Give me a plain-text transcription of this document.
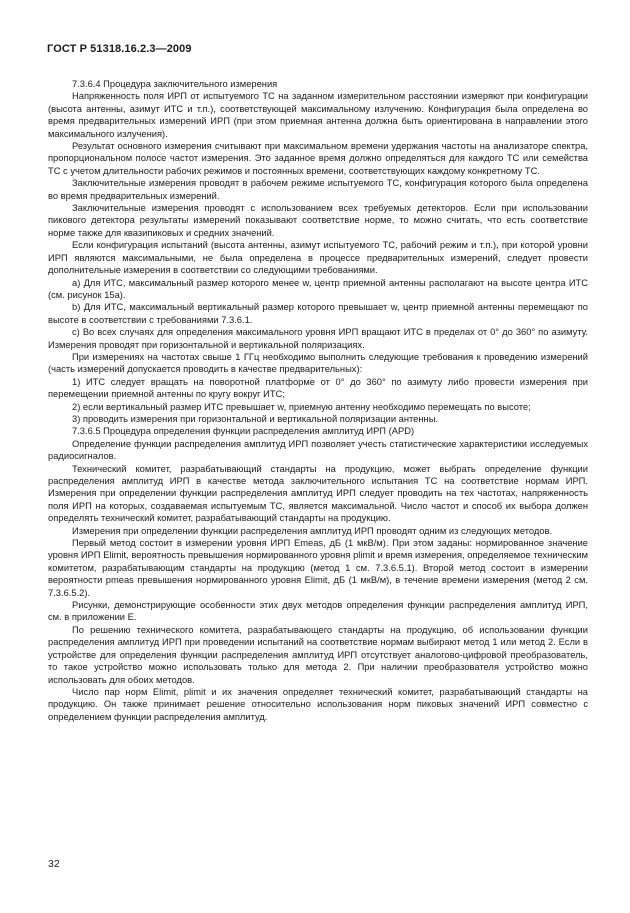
ГОСТ Р 51318.16.2.3—2009

7.3.6.4 Процедура заключительного измерения

Напряженность поля ИРП от испытуемого ТС на заданном измерительном расстоянии измеряют при конфигурации (высота антенны, азимут ИТС и т.п.), соответствующей максимальному излучению. Конфигурация была определена во время предварительных измерений ИРП (при этом приемная антенна должна быть ориентирована в направлении этого максимального излучения).

Результат основного измерения считывают при максимальном времени удержания частоты на анализаторе спектра, пропорциональном полосе частот измерения. Это заданное время должно определяться для каждого ТС или семейства ТС с учетом длительности рабочих режимов и постоянных времени, соответствующих каждому конкретному ТС.

Заключительные измерения проводят в рабочем режиме испытуемого ТС, конфигурация которого была определена во время предварительных измерений.

Заключительные измерения проводят с использованием всех требуемых детекторов. Если при использовании пикового детектора результаты измерений показывают соответствие норме, то можно считать, что есть соответствие норме также для квазипиковых и средних значений.

Если конфигурация испытаний (высота антенны, азимут испытуемого ТС, рабочий режим и т.п.), при которой уровни ИРП являются максимальными, не была определена в процессе предварительных измерений, следует провести дополнительные измерения в соответствии со следующими требованиями.

а) Для ИТС, максимальный размер которого менее w, центр приемной антенны располагают на высоте центра ИТС (см. рисунок 15а).

b) Для ИТС, максимальный вертикальный размер которого превышает w, центр приемной антенны перемещают по высоте в соответствии с требованиями 7.3.6.1.

с) Во всех случаях для определения максимального уровня ИРП вращают ИТС в пределах от 0° до 360° по азимуту. Измерения проводят при горизонтальной и вертикальной поляризациях.

При измерениях на частотах свыше 1 ГГц необходимо выполнить следующие требования к проведению измерений (часть измерений допускается проводить в качестве предварительных):

1) ИТС следует вращать на поворотной платформе от 0° до 360° по азимуту либо провести измерения при перемещении приемной антенны по кругу вокруг ИТС;

2) если вертикальный размер ИТС превышает w, приемную антенну необходимо перемещать по высоте;

3) проводить измерения при горизонтальной и вертикальной поляризации антенны.

7.3.6.5 Процедура определения функции распределения амплитуд ИРП (APD)

Определение функции распределения амплитуд ИРП позволяет учесть статистические характеристики исследуемых радиосигналов.

Технический комитет, разрабатывающий стандарты на продукцию, может выбрать определение функции распределения амплитуд ИРП в качестве метода заключительного испытания ТС на соответствие нормам ИРП. Измерения при определении функции распределения амплитуд ИРП следует проводить на тех частотах, напряженность поля ИРП на которых, создаваемая испытуемым ТС, является максимальной. Число частот и способ их выбора должен определять технический комитет, разрабатывающий стандарты на продукцию.

Измерения при определении функции распределения амплитуд ИРП проводят одним из следующих методов.

Первый метод состоит в измерении уровня ИРП Emeas, дБ (1 мкВ/м). При этом заданы: нормированное значение уровня ИРП Elimit, вероятность превышения нормированного уровня plimit и время измерения, определяемое техническим комитетом, разрабатывающим стандарты на продукцию (метод 1 см. 7.3.6.5.1). Второй метод состоит в измерении вероятности pmeas превышения нормированного уровня Elimit, дБ (1 мкВ/м), в течение времени измерения (метод 2 см. 7.3.6.5.2).

Рисунки, демонстрирующие особенности этих двух методов определения функции распределения амплитуд ИРП, см. в приложении Е.

По решению технического комитета, разрабатывающего стандарты на продукцию, об использовании функции распределения амплитуд ИРП при проведении испытаний на соответствие нормам выбирают метод 1 или метод 2. Если в устройстве для определения функции распределения амплитуд ИРП отсутствует аналогово-цифровой преобразователь, то такое устройство можно использовать только для метода 2. При наличии преобразователя устройство можно использовать для обоих методов.

Число пар норм Elimit, plimit и их значения определяет технический комитет, разрабатывающий стандарты на продукцию. Он также принимает решение относительно использования норм пиковых значений ИРП совместно с определением функции распределения амплитуд.

32
